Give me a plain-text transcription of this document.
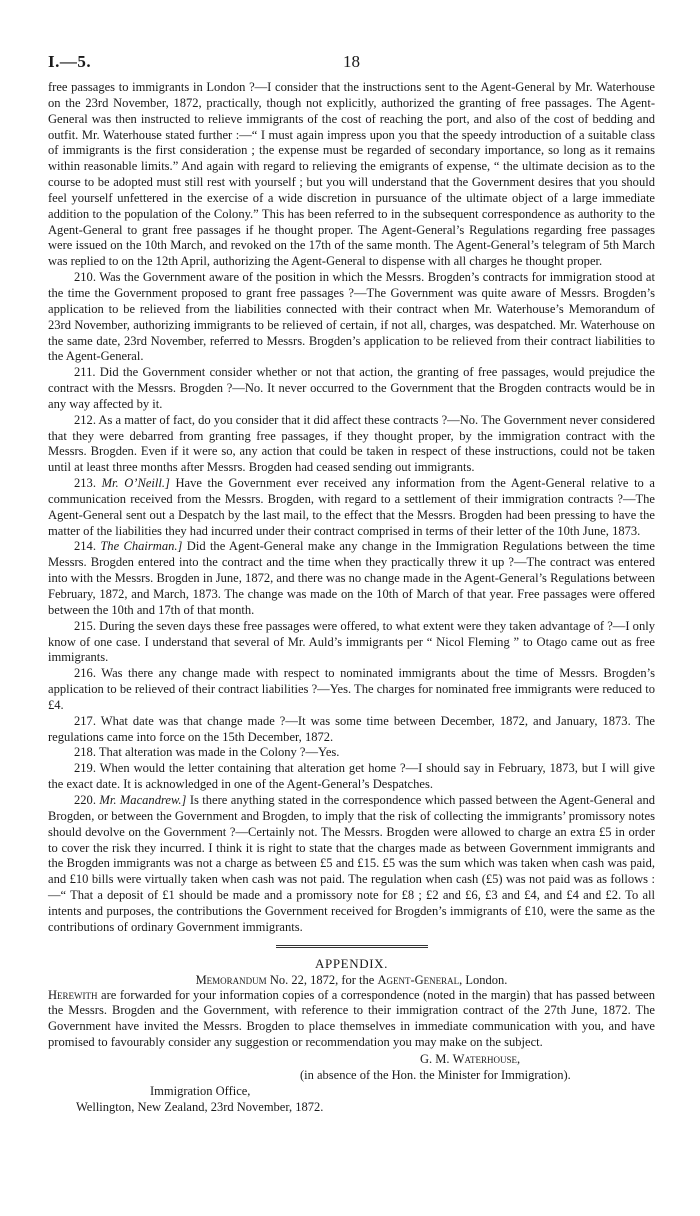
I.—5.	18

free passages to immigrants in London ?—I consider that the instructions sent to the Agent-General by Mr. Waterhouse on the 23rd November, 1872, practically, though not explicitly, authorized the granting of free passages. The Agent-General was then instructed to relieve immigrants of the cost of reaching the port, and also of the cost of bedding and outfit. Mr. Waterhouse stated further :—“ I must again impress upon you that the speedy introduction of a suitable class of immigrants is the first consideration ; the expense must be regarded of secondary importance, so long as it remains within reasonable limits.” And again with regard to relieving the emigrants of expense, “ the ultimate decision as to the course to be adopted must still rest with yourself ; but you will understand that the Government desires that you should feel yourself unfettered in the exercise of a wide discretion in pursuance of the ultimate object of a large immediate addition to the population of the Colony.” This has been referred to in the subsequent correspondence as authority to the Agent-General to grant free passages if he thought proper. The Agent-General’s Regulations regarding free passages were issued on the 10th March, and revoked on the 17th of the same month. The Agent-General’s telegram of 5th March was replied to on the 12th April, authorizing the Agent-General to dispense with all charges he thought proper.

210. Was the Government aware of the position in which the Messrs. Brogden’s contracts for immigration stood at the time the Government proposed to grant free passages ?—The Government was quite aware of Messrs. Brogden’s application to be relieved from the liabilities connected with their contract when Mr. Waterhouse’s Memorandum of 23rd November, authorizing immigrants to be relieved of certain, if not all, charges, was despatched. Mr. Waterhouse on the same date, 23rd November, referred to Messrs. Brogden’s application to be relieved from their contract liabilities to the Agent-General.

211. Did the Government consider whether or not that action, the granting of free passages, would prejudice the contract with the Messrs. Brogden ?—No. It never occurred to the Government that the Brogden contracts would be in any way affected by it.

212. As a matter of fact, do you consider that it did affect these contracts ?—No. The Government never considered that they were debarred from granting free passages, if they thought proper, by the immigration contract with the Messrs. Brogden. Even if it were so, any action that could be taken in respect of these instructions, could not be taken until at least three months after Messrs. Brogden had ceased sending out immigrants.

213. Mr. O’Neill.] Have the Government ever received any information from the Agent-General relative to a communication received from the Messrs. Brogden, with regard to a settlement of their immigration contracts ?—The Agent-General sent out a Despatch by the last mail, to the effect that the Messrs. Brogden had been pressing to have the matter of the liabilities they had incurred under their contract comprised in terms of their letter of the 10th June, 1873.

214. The Chairman.] Did the Agent-General make any change in the Immigration Regulations between the time Messrs. Brogden entered into the contract and the time when they practically threw it up ?—The contract was entered into with the Messrs. Brogden in June, 1872, and there was no change made in the Agent-General’s Regulations between February, 1872, and March, 1873. The change was made on the 10th of March of that year. Free passages were offered between the 10th and 17th of that month.

215. During the seven days these free passages were offered, to what extent were they taken advantage of ?—I only know of one case. I understand that several of Mr. Auld’s immigrants per “ Nicol Fleming ” to Otago came out as free immigrants.

216. Was there any change made with respect to nominated immigrants about the time of Messrs. Brogden’s application to be relieved of their contract liabilities ?—Yes. The charges for nominated free immigrants were reduced to £4.

217. What date was that change made ?—It was some time between December, 1872, and January, 1873. The regulations came into force on the 15th December, 1872.

218. That alteration was made in the Colony ?—Yes.

219. When would the letter containing that alteration get home ?—I should say in February, 1873, but I will give the exact date. It is acknowledged in one of the Agent-General’s Despatches.

220. Mr. Macandrew.] Is there anything stated in the correspondence which passed between the Agent-General and Brogden, or between the Government and Brogden, to imply that the risk of collecting the immigrants’ promissory notes should devolve on the Government ?—Certainly not. The Messrs. Brogden were allowed to charge an extra £5 in order to cover the risk they incurred. I think it is right to state that the charges made as between Government immigrants and the Brogden immigrants was not a charge as between £5 and £15. £5 was the sum which was taken when cash was paid, and £10 bills were virtually taken when cash was not paid. The regulation when cash (£5) was not paid was as follows :—“ That a deposit of £1 should be made and a promissory note for £8 ; £2 and £6, £3 and £4, and £4 and £2. To all intents and purposes, the contributions the Government received for Brogden’s immigrants of £10, were the same as the contributions of ordinary Government immigrants.

APPENDIX.
Memorandum No. 22, 1872, for the Agent-General, London.

Herewith are forwarded for your information copies of a correspondence (noted in the margin) that has passed between the Messrs. Brogden and the Government, with reference to their immigration contract of the 27th June, 1872. The Government have invited the Messrs. Brogden to place themselves in immediate communication with you, and have promised to favourably consider any suggestion or recommendation you may make on the subject.

G. M. Waterhouse,
(in absence of the Hon. the Minister for Immigration).
Immigration Office,
Wellington, New Zealand, 23rd November, 1872.
